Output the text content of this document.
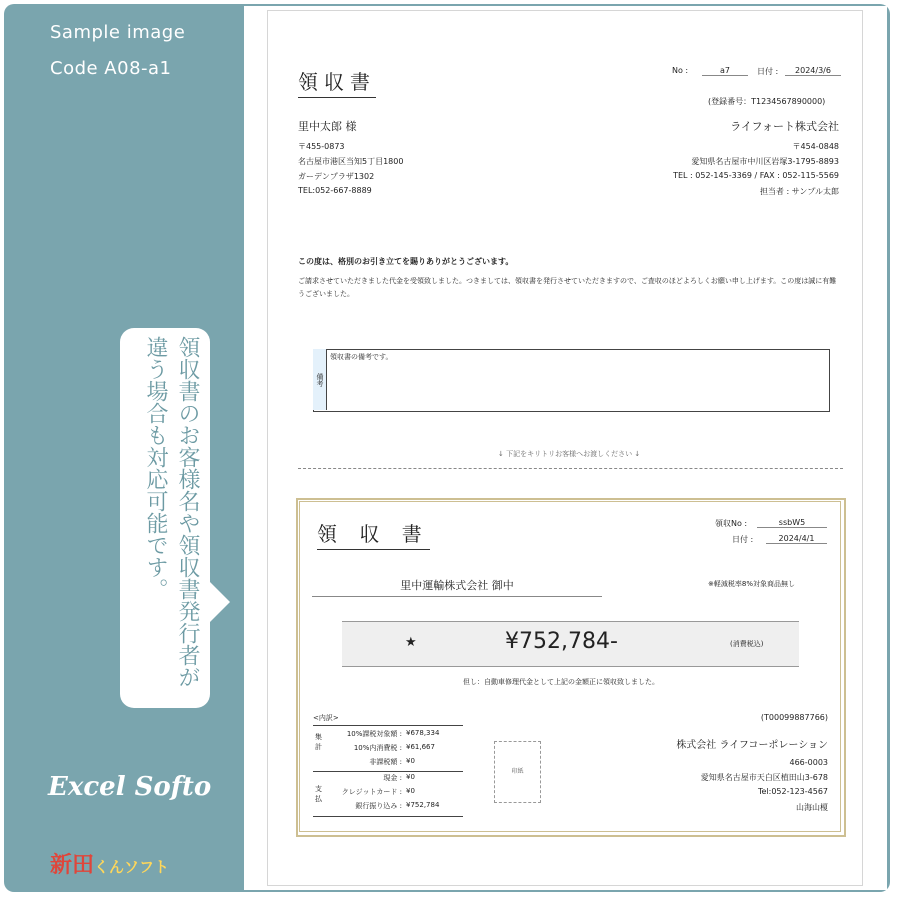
Sample image
Code A08-a1
領収書のお客様名や領収書発行者が違う場合も対応可能です。
Excel Softo
新田くんソフト
No :	a7	日付 :	2024/3/6
領収書
(登録番号：T1234567890000)
里中太郎 様
〒455-0873
名古屋市港区当知5丁目1800
ガーデンプラザ1302
TEL:052-667-8889
ライフォート株式会社
〒454-0848
愛知県名古屋市中川区岩塚3-1795-8893
TEL : 052-145-3369 / FAX : 052-115-5569
担当者 : サンプル太郎
この度は、格別のお引き立てを賜りありがとうございます。
ご請求させていただきました代金を受領致しました。つきましては、領収書を発行させていただきますので、ご査収のほどよろしくお願い申し上げます。この度は誠に有難
うございました。
備考
領収書の備考です。
↓ 下記をキリトリお客様へお渡しください ↓
領 収 書	領収No :	ssbW5
日付 :	2024/4/1
里中運輸株式会社 御中	※軽減税率8%対象商品無し
★	¥752,784-	(消費税込)
但し：自動車修理代金として上記の金額正に領収致しました。
<内訳>
集計
支払
10%課税対象額 : ¥678,334
10%内消費税 : ¥61,667
非課税額 : ¥0
現金 : ¥0
クレジットカード : ¥0
銀行振り込み : ¥752,784
印紙
(T00099887766)
株式会社 ライフコーポレーション
466-0003
愛知県名古屋市天白区植田山3-678
Tel:052-123-4567
山海山榎
